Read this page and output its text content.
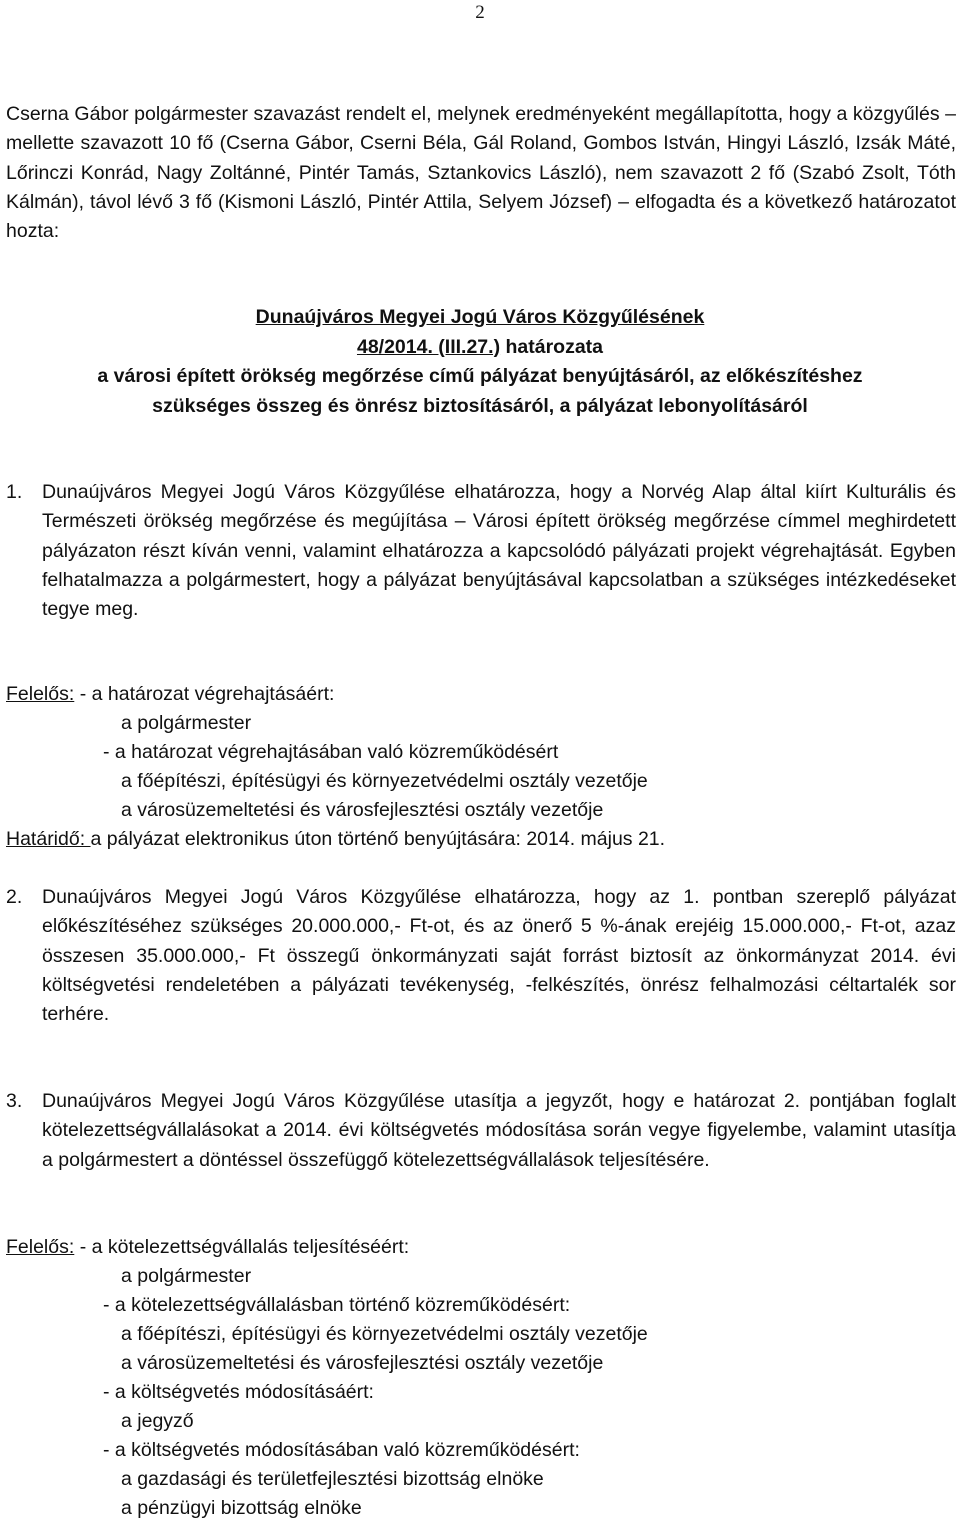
2

Cserna Gábor polgármester szavazást rendelt el, melynek eredményeként megállapította, hogy a közgyűlés – mellette szavazott 10 fő (Cserna Gábor, Cserni Béla, Gál Roland, Gombos István, Hingyi László, Izsák Máté, Lőrinczi Konrád, Nagy Zoltánné, Pintér Tamás, Sztankovics László), nem szavazott 2 fő (Szabó Zsolt, Tóth Kálmán), távol lévő 3 fő (Kismoni László, Pintér Attila, Selyem József) – elfogadta és a következő határozatot hozta:

Dunaújváros Megyei Jogú Város Közgyűlésének
48/2014. (III.27.) határozata
a városi épített örökség megőrzése című pályázat benyújtásáról, az előkészítéshez szükséges összeg és önrész biztosításáról, a pályázat lebonyolításáról
1. Dunaújváros Megyei Jogú Város Közgyűlése elhatározza, hogy a Norvég Alap által kiírt Kulturális és Természeti örökség megőrzése és megújítása – Városi épített örökség megőrzése címmel meghirdetett pályázaton részt kíván venni, valamint elhatározza a kapcsolódó pályázati projekt végrehajtását. Egyben felhatalmazza a polgármestert, hogy a pályázat benyújtásával kapcsolatban a szükséges intézkedéseket tegye meg.
Felelős: - a határozat végrehajtásáért:
a polgármester
- a határozat végrehajtásában való közreműködésért
a főépítészi, építésügyi és környezetvédelmi osztály vezetője
a városüzemeltetési és városfejlesztési osztály vezetője
Határidő: a pályázat elektronikus úton történő benyújtására: 2014. május 21.
2. Dunaújváros Megyei Jogú Város Közgyűlése elhatározza, hogy az 1. pontban szereplő pályázat előkészítéséhez szükséges 20.000.000,- Ft-ot, és az önerő 5 %-ának erejéig 15.000.000,- Ft-ot, azaz összesen 35.000.000,- Ft összegű önkormányzati saját forrást biztosít az önkormányzat 2014. évi költségvetési rendeletében a pályázati tevékenység, -felkészítés, önrész felhalmozási céltartalék sor terhére.
3. Dunaújváros Megyei Jogú Város Közgyűlése utasítja a jegyzőt, hogy e határozat 2. pontjában foglalt kötelezettségvállalásokat a 2014. évi költségvetés módosítása során vegye figyelembe, valamint utasítja a polgármestert a döntéssel összefüggő kötelezettségvállalások teljesítésére.
Felelős: - a kötelezettségvállalás teljesítéséért:
a polgármester
- a kötelezettségvállalásban történő közreműködésért:
a főépítészi, építésügyi és környezetvédelmi osztály vezetője
a városüzemeltetési és városfejlesztési osztály vezetője
- a költségvetés módosításáért:
a jegyző
- a költségvetés módosításában való közreműködésért:
a gazdasági és területfejlesztési bizottság elnöke
a pénzügyi bizottság elnöke
